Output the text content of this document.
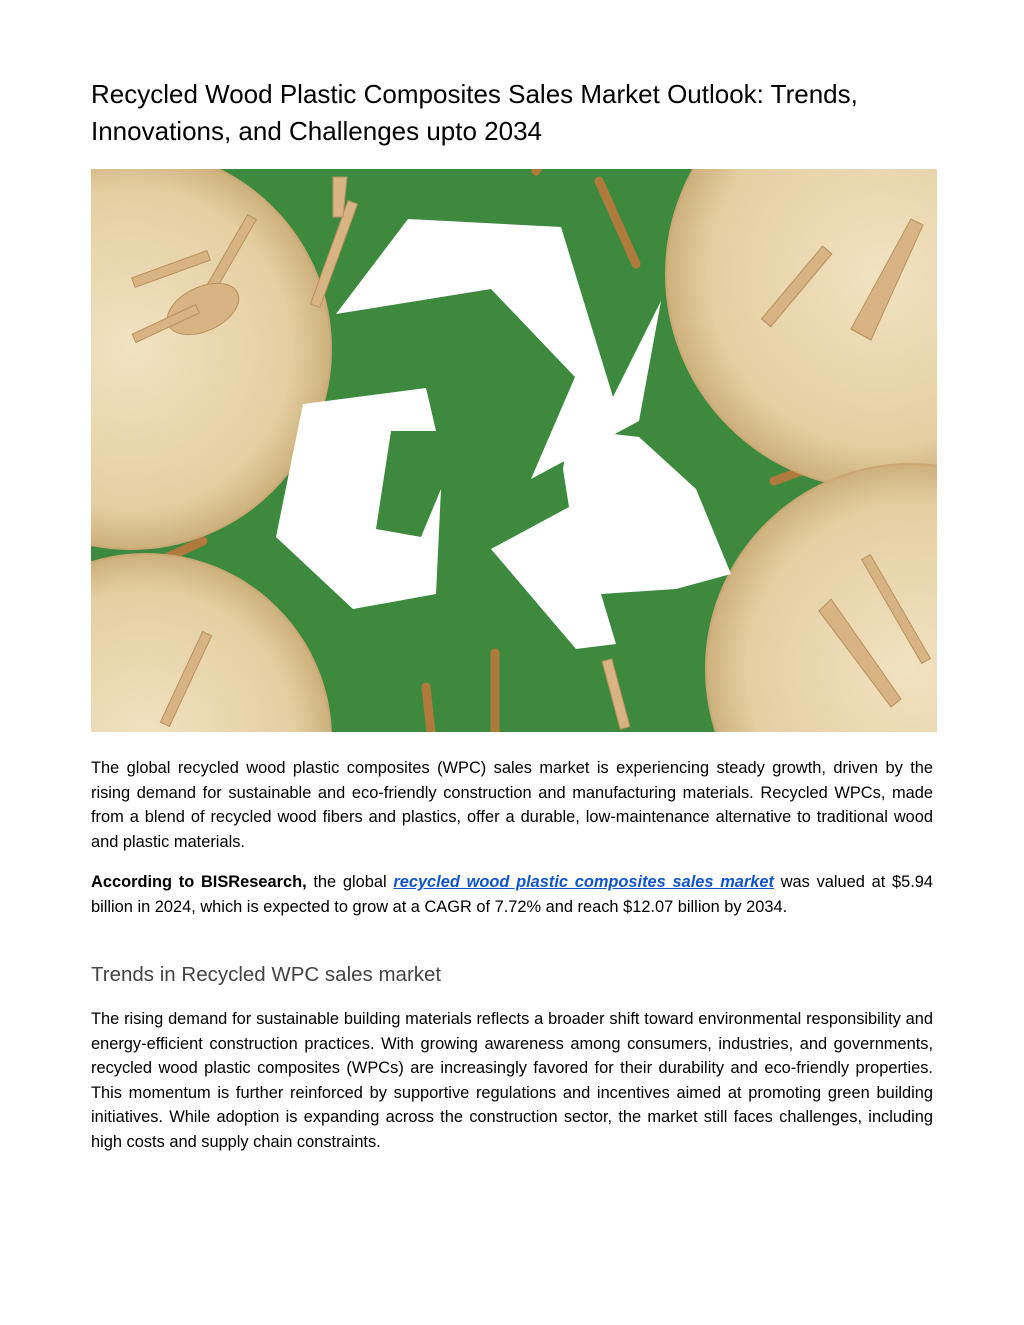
Recycled Wood Plastic Composites Sales Market Outlook: Trends, Innovations, and Challenges upto 2034

The global recycled wood plastic composites (WPC) sales market is experiencing steady growth, driven by the rising demand for sustainable and eco-friendly construction and manufacturing materials. Recycled WPCs, made from a blend of recycled wood fibers and plastics, offer a durable, low-maintenance alternative to traditional wood and plastic materials.

According to BISResearch, the global recycled wood plastic composites sales market was valued at $5.94 billion in 2024, which is expected to grow at a CAGR of 7.72% and reach $12.07 billion by 2034.

Trends in Recycled WPC sales market

The rising demand for sustainable building materials reflects a broader shift toward environmental responsibility and energy-efficient construction practices. With growing awareness among consumers, industries, and governments, recycled wood plastic composites (WPCs) are increasingly favored for their durability and eco-friendly properties. This momentum is further reinforced by supportive regulations and incentives aimed at promoting green building initiatives. While adoption is expanding across the construction sector, the market still faces challenges, including high costs and supply chain constraints.
